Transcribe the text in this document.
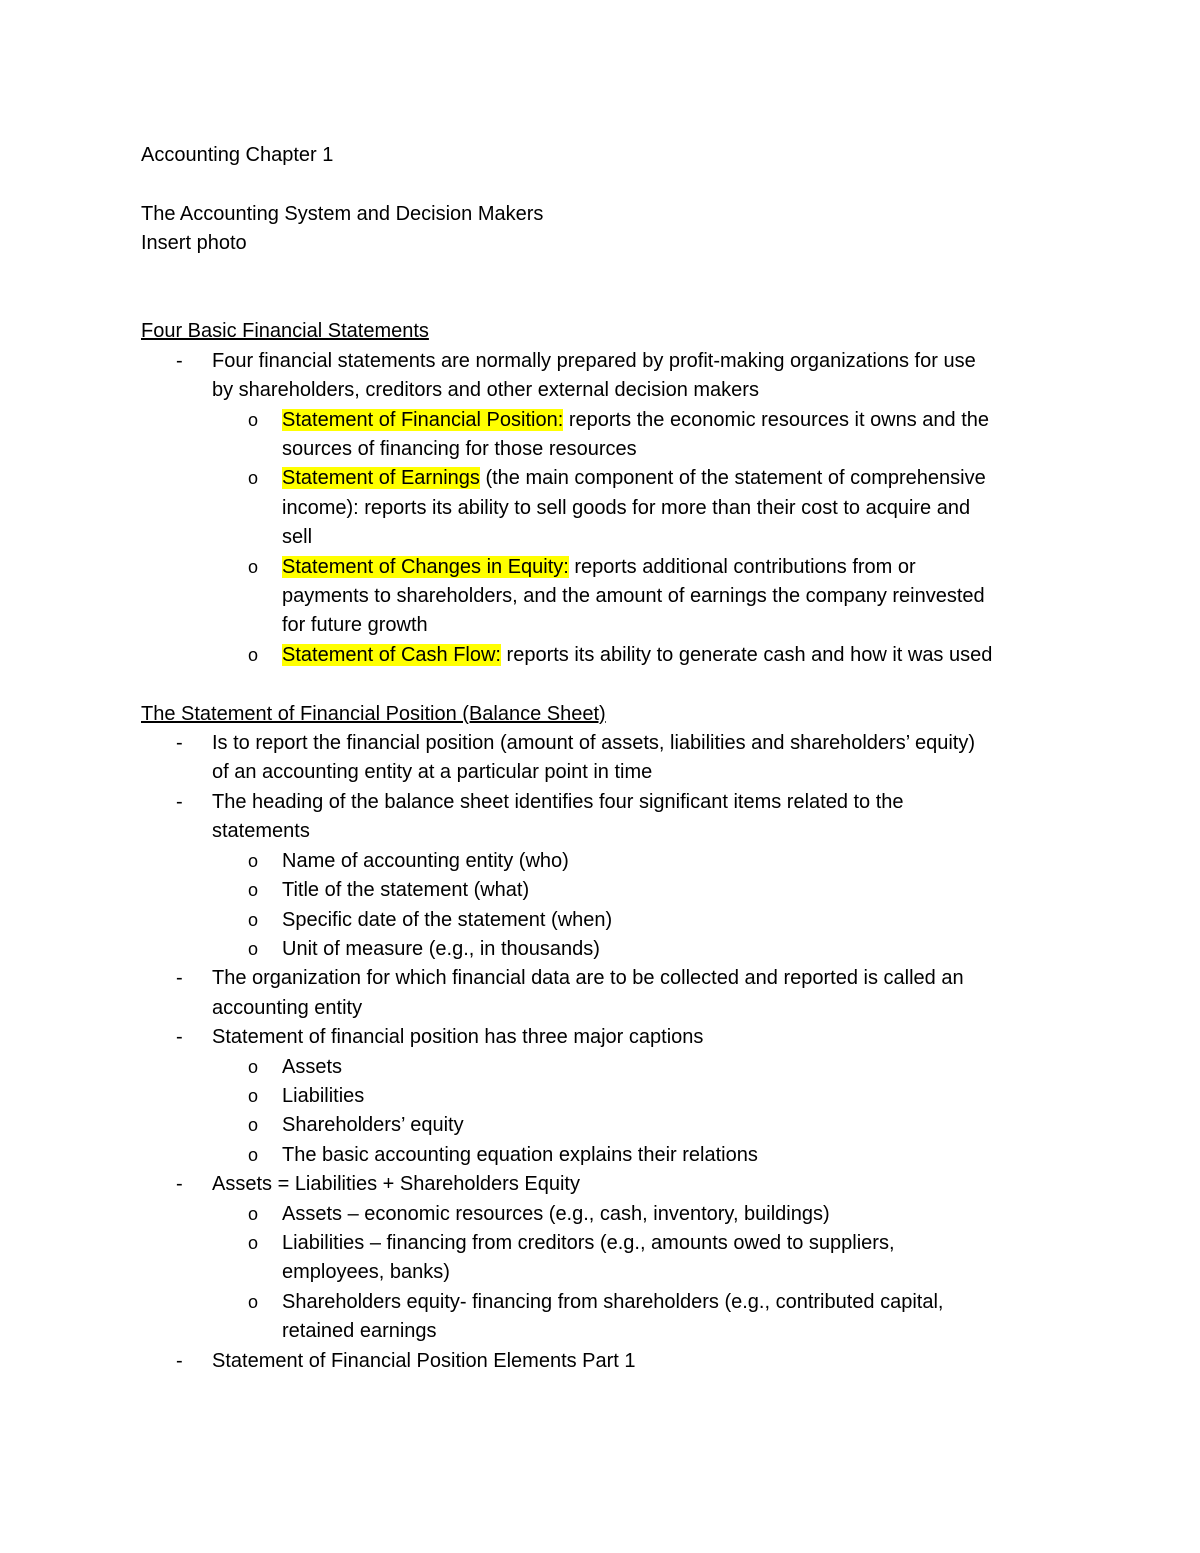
Accounting Chapter 1

The Accounting System and Decision Makers

Insert photo

Four Basic Financial Statements

- Four financial statements are normally prepared by profit-making organizations for use
by shareholders, creditors and other external decision makers
o Statement of Financial Position: reports the economic resources it owns and the
sources of financing for those resources
o Statement of Earnings (the main component of the statement of comprehensive
income): reports its ability to sell goods for more than their cost to acquire and
sell
o Statement of Changes in Equity: reports additional contributions from or
payments to shareholders, and the amount of earnings the company reinvested
for future growth
o Statement of Cash Flow: reports its ability to generate cash and how it was used

The Statement of Financial Position (Balance Sheet)

- Is to report the financial position (amount of assets, liabilities and shareholders’ equity)
of an accounting entity at a particular point in time
- The heading of the balance sheet identifies four significant items related to the
statements
o Name of accounting entity (who)
o Title of the statement (what)
o Specific date of the statement (when)
o Unit of measure (e.g., in thousands)
- The organization for which financial data are to be collected and reported is called an
accounting entity
- Statement of financial position has three major captions
o Assets
o Liabilities
o Shareholders’ equity
o The basic accounting equation explains their relations
- Assets = Liabilities + Shareholders Equity
o Assets – economic resources (e.g., cash, inventory, buildings)
o Liabilities – financing from creditors (e.g., amounts owed to suppliers,
employees, banks)
o Shareholders equity- financing from shareholders (e.g., contributed capital,
retained earnings
- Statement of Financial Position Elements Part 1
